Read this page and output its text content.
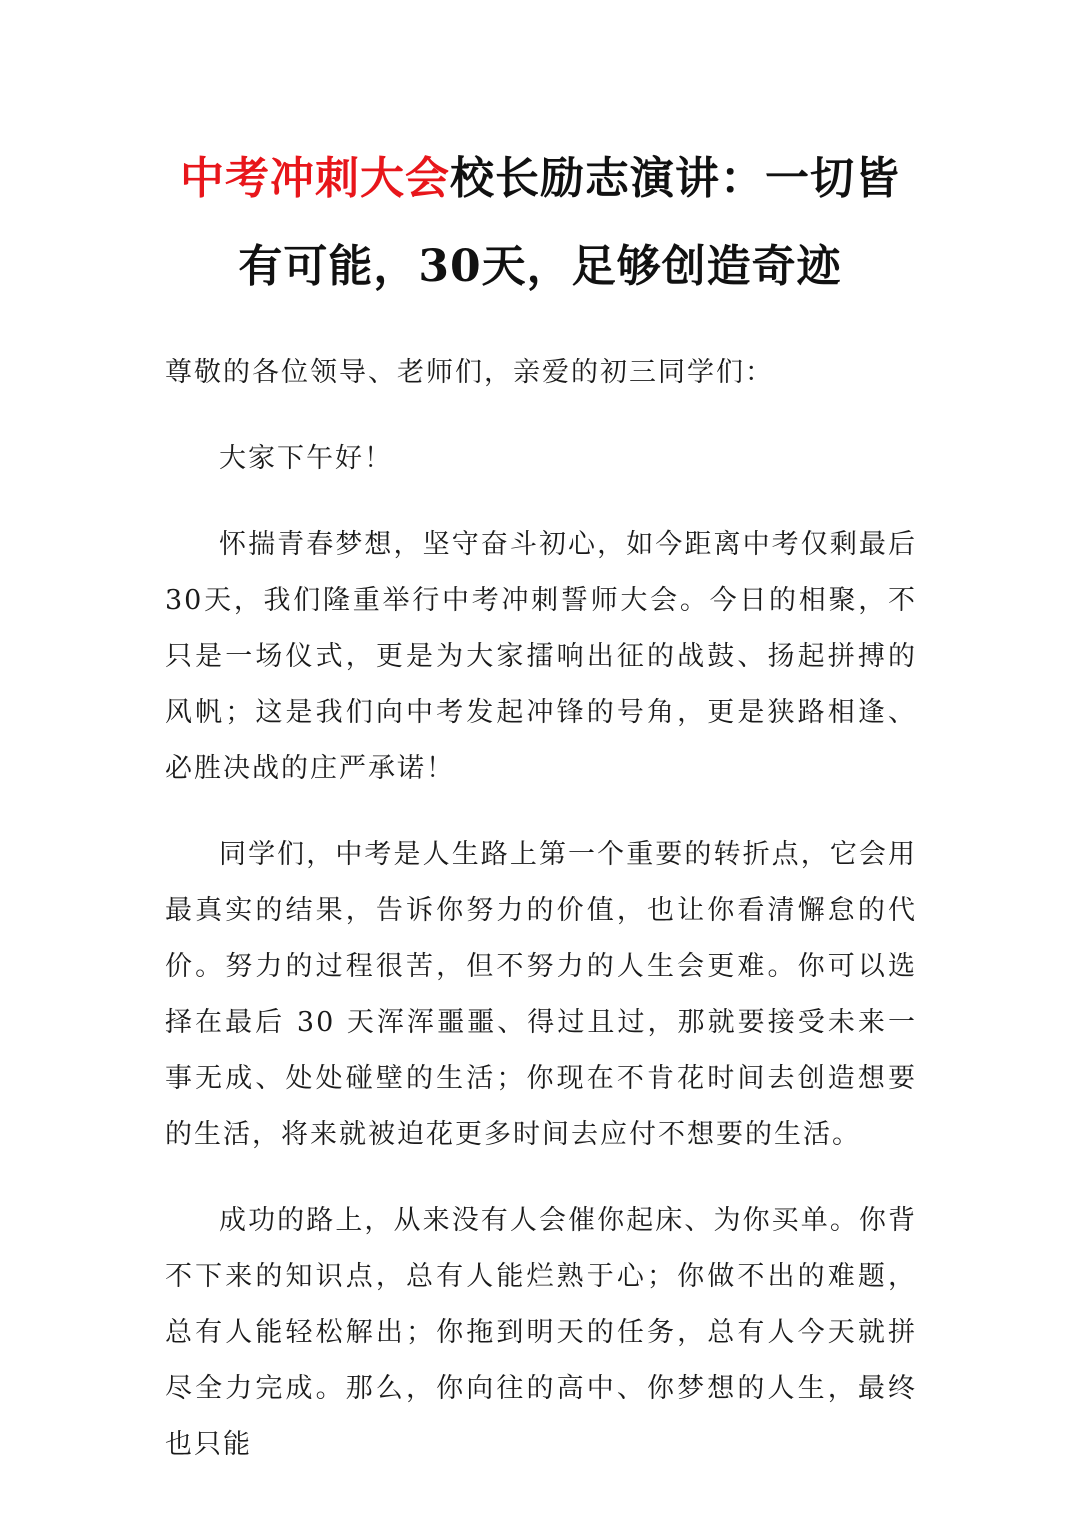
中考冲刺大会校长励志演讲：一切皆有可能，30天，足够创造奇迹

尊敬的各位领导、老师们，亲爱的初三同学们：

大家下午好！

怀揣青春梦想，坚守奋斗初心，如今距离中考仅剩最后30天，我们隆重举行中考冲刺誓师大会。今日的相聚，不只是一场仪式，更是为大家擂响出征的战鼓、扬起拼搏的风帆；这是我们向中考发起冲锋的号角，更是狭路相逢、必胜决战的庄严承诺！

同学们，中考是人生路上第一个重要的转折点，它会用最真实的结果，告诉你努力的价值，也让你看清懈怠的代价。努力的过程很苦，但不努力的人生会更难。你可以选择在最后 30 天浑浑噩噩、得过且过，那就要接受未来一事无成、处处碰壁的生活；你现在不肯花时间去创造想要的生活，将来就被迫花更多时间去应付不想要的生活。

成功的路上，从来没有人会催你起床、为你买单。你背不下来的知识点，总有人能烂熟于心；你做不出的难题，总有人能轻松解出；你拖到明天的任务，总有人今天就拼尽全力完成。那么，你向往的高中、你梦想的人生，最终也只能
